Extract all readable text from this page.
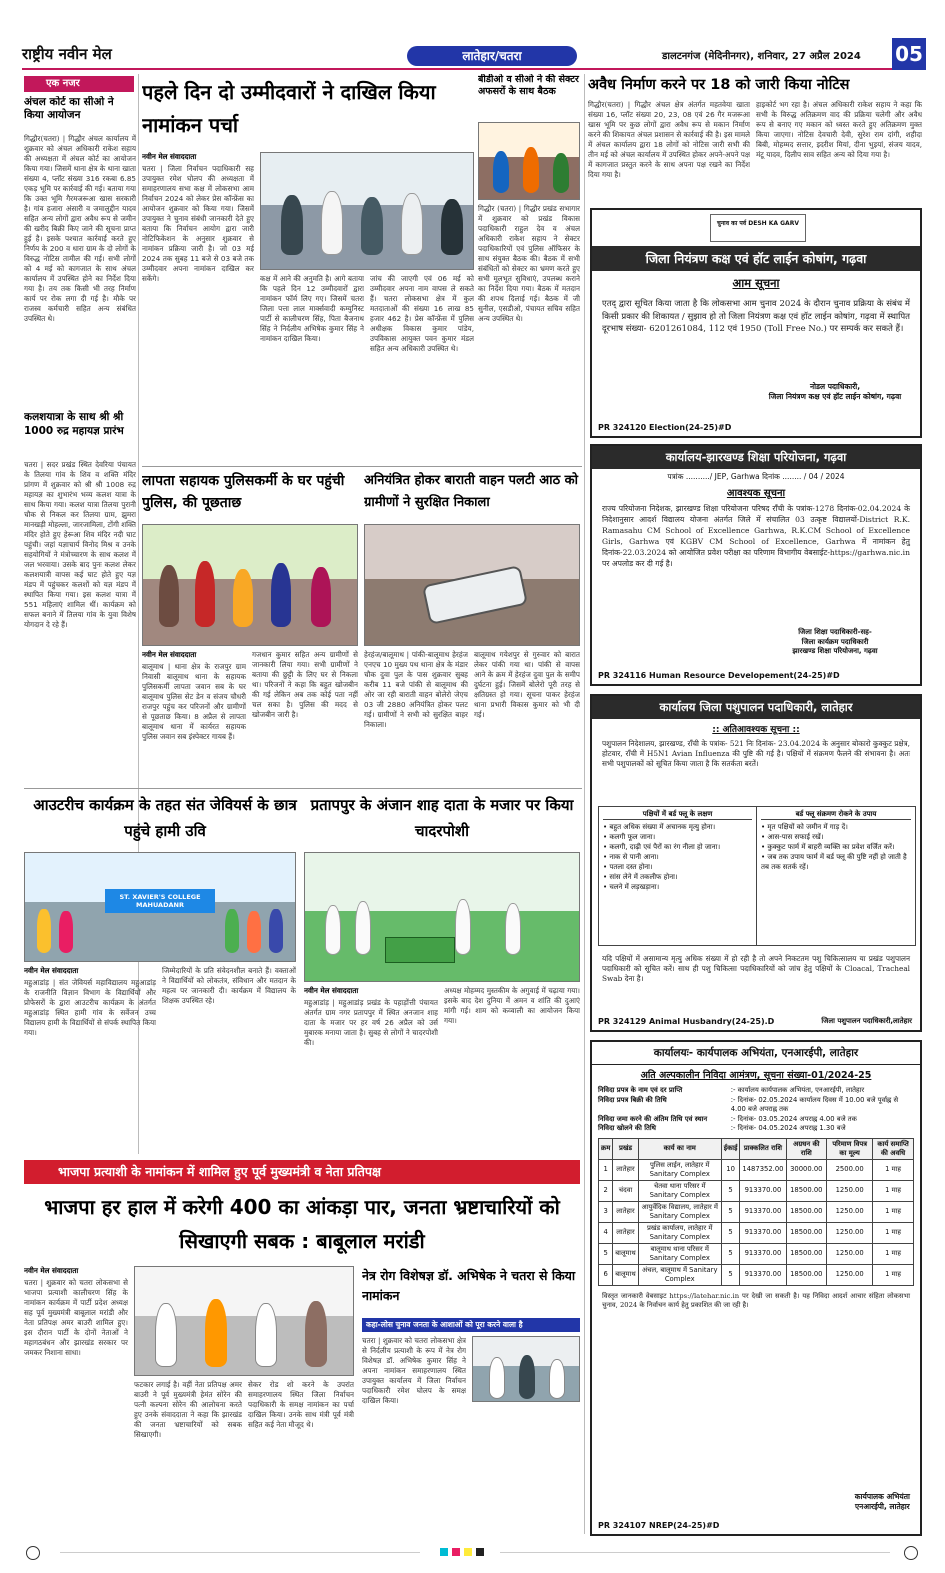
राष्ट्रीय नवीन मेल	लातेहार/चतरा	डालटनगंज (मेदिनीनगर), शनिवार, 27 अप्रैल 2024 05
एक नजर
अंचल कोर्ट का सीओ ने किया आयोजन
गिद्धौर(चतरा) | गिद्धौर अंचल कार्यालय में शुक्रवार को अंचल अधिकारी राकेश सहाय की अध्यक्षता में अंचल कोर्ट का आयोजन किया गया। जिसमें थाना क्षेत्र के थाना खाता संख्या 4, प्लॉट संख्या 316 रकबा 6.85 एकड़ भूमि पर कार्रवाई की गई। बताया गया कि उक्त भूमि गैरमजरूआ खास सरकारी है। गांव हजारा अंसारी व जमालुद्दीन यादव सहित अन्य लोगों द्वारा अवैध रूप से जमीन की खरीद बिक्री किए जाने की सूचना प्राप्त हुई है। इसके पश्चात कार्रवाई करते हुए निर्णय के 200 व धारा ग्राम के दो लोगों के विरुद्ध नोटिस तामील की गई। सभी लोगों को 4 मई को कागजात के साथ अंचल कार्यालय में उपस्थित होने का निर्देश दिया गया है। तय तक किसी भी तरह निर्माण कार्य पर रोक लगा दी गई है। मौके पर राजस्व कर्मचारी सहित अन्य संबंधित उपस्थित थे।
कलशयात्रा के साथ श्री श्री 1000 रुद्र महायज्ञ प्रारंभ
चतरा | सदर प्रखंड स्थित देवरिया पंचायत के तिलया गांव के शिव व शक्ति मंदिर प्रांगण में शुक्रवार को श्री श्री 1008 रुद्र महायज्ञ का शुभारंभ भव्य कलश यात्रा के साथ किया गया। कलश यात्रा तिलया पुरानी चौक से निकल कर तिलया ग्राम, झुमरा मानखड़ी मोहल्ला, जारजामिला, टोंगी शक्ति मंदिर होते हुए हेरूआ शिव मंदिर नदी घाट पहुंची। जहां यज्ञाचार्य विनोद मिश्र व उनके सहयोगियों ने मंत्रोच्चारण के साथ कलश में जल भरवाया। उसके बाद पुनः कलश लेकर कलशयात्री वापस कई घाट होते हुए यज्ञ मंडप में पहुंचकर कलशों को यज्ञ मंडप में स्थापित किया गया। इस कलश यात्रा में 551 महिलाएं शामिल थीं। कार्यक्रम को सफल बनाने में तिलया गांव के युवा विशेष योगदान दे रहे हैं।
पहले दिन दो उम्मीदवारों ने दाखिल किया नामांकन पर्चा

नवीन मेल संवाददाता

चतरा | जिला निर्वाचन पदाधिकारी सह उपायुक्त रमेश घोलप की अध्यक्षता में समाहरणालय सभा कक्ष में लोकसभा आम निर्वाचन 2024 को लेकर प्रेस कॉन्फ्रेंस का आयोजन शुक्रवार को किया गया। जिसमें उपायुक्त ने चुनाव संबंधी जानकारी देते हुए बताया कि निर्वाचन आयोग द्वारा जारी नोटिफिकेशन के अनुसार शुक्रवार से नामांकन प्रक्रिया जारी है। जो 03 मई 2024 तक सुबह 11 बजे से 03 बजे तक उम्मीदवार अपना नामांकन दाखिल कर सकेंगे।	कक्ष में आने की अनुमति है। आगे बताया कि पहले दिन 12 उम्मीदवारों द्वारा नामांकन फॉर्म लिए गए। जिसमें चतरा जिला पत्ता लाल मार्क्सवादी कम्युनिस्ट पार्टी से कालीचरण सिंह, पिता बैजनाथ सिंह ने निर्दलीय अभिषेक कुमार सिंह ने नामांकन दाखिल किया।
जांच की जाएगी एवं 06 मई को उम्मीदवार अपना नाम वापस ले सकते हैं। चतरा लोकसभा क्षेत्र में कुल मतदाताओं की संख्या 16 लाख 85 हजार 462 है। प्रेस कॉन्फ्रेंस में पुलिस अधीक्षक विकास कुमार पांडेय, उपविकास आयुक्त पवन कुमार मंडल सहित अन्य अधिकारी उपस्थित थे।
बीडीओ व सीओ ने की सेक्टर अफसरों के साथ बैठक
गिद्धौर (चतरा) | गिद्धौर प्रखंड सभागार में शुक्रवार को प्रखंड विकास पदाधिकारी राहुल देव व अंचल अधिकारी राकेश सहाय ने सेक्टर पदाधिकारियों एवं पुलिस ऑफिसर के साथ संयुक्त बैठक की। बैठक में सभी संबंधितों को सेक्टर का भ्रमण करते हुए सभी मूलभूत सुविधाएं, उपलब्ध कराने का निर्देश दिया गया। बैठक में मतदान की शपथ दिलाई गई। बैठक में जी सुनील, एसडीओ, पंचायत सचिव सहित अन्य उपस्थित थे।
लापता सहायक पुलिसकर्मी के घर पहुंची पुलिस, की पूछताछ

नवीन मेल संवाददाता

बालूमाथ | थाना क्षेत्र के राजपुर ग्राम निवासी बालूमाथ थाना के सहायक पुलिसकर्मी लापता जवान सब के घर बालूमाथ पुलिस सेट डेन व संजय चौधरी राजपुर पहुंच कर परिजनों और ग्रामीणों से पूछताछ किया। 8 अप्रैल से लापता बालूमाथ थाना में कार्यरत सहायक पुलिस जवान सब इंस्पेक्टर गायब हैं।

गजधान कुमार सहित अन्य ग्रामीणों से जानकारी लिया गया। सभी ग्रामीणों ने बताया की छुट्टी के लिए घर से निकला था। परिजनों ने कहा कि बहुत खोजबीन की गई लेकिन अब तक कोई पता नहीं चल सका है। पुलिस की मदद से खोजबीन जारी है।
अनियंत्रित होकर बाराती वाहन पलटी आठ को ग्रामीणों ने सुरक्षित निकाला
हेरहंज/बालूमाथ | पांकी-बालूमाथ हेरहंज एनएच 10 मुख्य पथ थाना क्षेत्र के मंडार चौक दुवा पुल के पास शुक्रवार सुबह करीब 11 बजे पांकी से बालूमाथ की ओर जा रही बाराती वाहन बोलेरो जेएच 03 जी 2880 अनियंत्रित होकर पलट गई। ग्रामीणों ने सभी को सुरक्षित बाहर निकाला।
बालूमाथ गयेशपुर से गुरुवार को बारात लेकर पांकी गया था। पांकी से वापस आने के क्रम में हेरहंज दुवा पुल के समीप दुर्घटना हुई। जिसमें बोलेरो पूरी तरह से क्षतिग्रस्त हो गया। सूचना पाकर हेरहंज थाना प्रभारी विकास कुमार को भी दी गई।
आउटरीच कार्यक्रम के तहत संत जेवियर्स के छात्र पहुंचे हामी उवि
ST. XAVIER'S COLLEGE MAHUADANR

नवीन मेल संवाददाता

महुआडांड़ | संत जेवियर्स महाविद्यालय महुआडांड़ के राजनीति विज्ञान विभाग के विद्यार्थियों और प्रोफेसरों के द्वारा आउटरीच कार्यक्रम के अंतर्गत महुआडांड़ स्थित हामी गांव के सर्वेजन उच्च विद्यालय हामी के विद्यार्थियों से संपर्क स्थापित किया गया।

जिम्मेदारियों के प्रति संवेदनशील बनाते हैं। वक्ताओं ने विद्यार्थियों को लोकतंत्र, संविधान और मतदान के महत्व पर जानकारी दी। कार्यक्रम में विद्यालय के शिक्षक उपस्थित रहे।
प्रतापपुर के अंजान शाह दाता के मजार पर किया चादरपोशी

नवीन मेल संवाददाता

महुआडांड़ | महुआडांड़ प्रखंड के पहाड़ोंत्ती पंचायत अंतर्गत ग्राम नगर प्रतापपुर में स्थित अनजान शाह दाता के मजार पर हर वर्ष 26 अप्रैल को उर्स मुबारक मनाया जाता है। सुबह से लोगों ने चादरपोशी की।

अध्यक्ष मोहम्मद मुस्तकीम के अगुवाई में चढ़ाया गया। इसके बाद देश दुनिया में अमन व शांति की दुआएं मांगी गई। शाम को कव्वाली का आयोजन किया गया।
भाजपा प्रत्याशी के नामांकन में शामिल हुए पूर्व मुख्यमंत्री व नेता प्रतिपक्ष
भाजपा हर हाल में करेगी 400 का आंकड़ा पार, जनता भ्रष्टाचारियों को सिखाएगी सबक : बाबूलाल मरांडी

नवीन मेल संवाददाता

चतरा | शुक्रवार को चतरा लोकसभा से भाजपा प्रत्याशी कालीचरण सिंह के नामांकन कार्यक्रम में पार्टी प्रदेश अध्यक्ष सह पूर्व मुख्यमंत्री बाबूलाल मरांडी और नेता प्रतिपक्ष अमर बाउरी शामिल हुए। इस दौरान पार्टी के दोनों नेताओं ने महागठबंधन और झारखंड सरकार पर जमकर निशाना साधा।

फटकार लगाई है। वहीं नेता प्रतिपक्ष अमर बाउरी ने पूर्व मुख्यमंत्री हेमंत सोरेन की पत्नी कल्पना सोरेन की आलोचना करते हुए उनके संवाददाता ने कहा कि झारखंड की जनता भ्रष्टाचारियों को सबक सिखाएगी।
सेकर रोड शो करने के उपरांत समाहरणालय स्थित जिला निर्वाचन पदाधिकारी के समक्ष नामांकन का पर्चा दाखिल किया। उनके साथ मंत्री पूर्व मंत्री सहित कई नेता मौजूद थे।
नेत्र रोग विशेषज्ञ डॉ. अभिषेक ने चतरा से किया नामांकन
कहा-लोस चुनाव जनता के आशाओं को पूरा करने वाला है
चतरा | शुक्रवार को चतरा लोकसभा क्षेत्र से निर्दलीय प्रत्याशी के रूप में नेत्र रोग विशेषज्ञ डॉ. अभिषेक कुमार सिंह ने अपना नामांकन समाहरणालय स्थित उपायुक्त कार्यालय में जिला निर्वाचन पदाधिकारी रमेश घोलप के समक्ष दाखिल किया।
अवैध निर्माण करने पर 18 को जारी किया नोटिस
गिद्धौर(चतरा) | गिद्धौर अंचल क्षेत्र अंतर्गत महतवेया खाता संख्या 16, प्लॉट संख्या 20, 23, 08 एवं 26 गैर मजरूआ खास भूमि पर कुछ लोगों द्वारा अवैध रूप से मकान निर्माण करने की शिकायत अंचल प्रशासन से कार्रवाई की है। इस मामले में अंचल कार्यालय द्वारा 18 लोगों को नोटिस जारी सभी की तीन मई को अंचल कार्यालय में उपस्थित होकर अपने-अपने पक्ष में कागजात प्रस्तुत करने के साथ अपना पक्ष रखने का निर्देश दिया गया है।
हाइकोर्ट भग रहा है। अंचल अधिकारी राकेश सहाय ने कहा कि सभी के विरुद्ध अतिक्रमण वाद की प्रक्रिया चलेगी और अवैध रूप से बनाए गए मकान को ध्वस्त करते हुए अतिक्रमण मुक्त किया जाएगा। नोटिस देवचारी देवी, सुरेश राम दांगी, शहीदा बिबी, मोहम्मद सत्तार, इदरीश मियां, दीना भुइयां, संजय यादव, मंटू यादव, दिलीप साव सहित अन्य को दिया गया है।
चुनाव का पर्व DESH KA GARV
जिला नियंत्रण कक्ष एवं हॉट लाईन कोषांग, गढ़वा
आम सूचना
एतद् द्वारा सूचित किया जाता है कि लोकसभा आम चुनाव 2024 के दौरान चुनाव प्रक्रिया के संबंध में किसी प्रकार की शिकायत / सुझाव हो तो जिला नियंत्रण कक्ष एवं हॉट लाईन कोषांग, गढ़वा में स्थापित दूरभाष संख्या- 6201261084, 112 एवं 1950 (Toll Free No.) पर सम्पर्क कर सकते हैं।
नोडल पदाधिकारी,
जिला नियंत्रण कक्ष एवं हॉट लाईन कोषांग, गढ़वा
PR 324120 Election(24-25)#D
कार्यालय-झारखण्ड शिक्षा परियोजना, गढ़वा
पत्रांक ........../ JEP, Garhwa दिनांक ........ / 04 / 2024
आवश्यक सूचना
राज्य परियोजना निदेशक, झारखण्ड शिक्षा परियोजना परिषद राँची के पत्रांक-1278 दिनांक-02.04.2024 के निदेशानुसार आदर्श विद्यालय योजना अंतर्गत जिले में संचालित 03 उत्कृष्ट विद्यालयों-District R.K. Ramasahu CM School of Excellence Garhwa, R.K.CM School of Excellence Girls, Garhwa एवं KGBV CM School of Excellence, Garhwa में नामांकन हेतु दिनांक-22.03.2024 को आयोजित प्रवेश परीक्षा का परिणाम विभागीय वेबसाईट-https://garhwa.nic.in पर अपलोड कर दी गई है।
जिला शिक्षा पदाधिकारी-सह-
जिला कार्यक्रम पदाधिकारी
झारखण्ड शिक्षा परियोजना, गढ़वा
PR 324116 Human Resource Developement(24-25)#D
कार्यालय जिला पशुपालन पदाधिकारी, लातेहार
:: अतिआवश्यक सूचना ::
पशुपालन निदेशालय, झारखण्ड, राँची के पत्रांक- 521 निः दिनांक- 23.04.2024 के अनुसार बोकारो कुक्कुट प्रक्षेत्र, होटवार, राँची में H5N1 Avian Influenza की पुष्टि की गई है। पक्षियों में संक्रमण फैलने की संभावना है। अतः सभी पशुपालकों को सूचित किया जाता है कि सतर्कता बरतें।
पक्षियों में बर्ड फ्लू के लक्षण
• बहुत अधिक संख्या में अचानक मृत्यु होना।
• कलगी फूल जाना।
• कलगी, दाढ़ी एवं पैरों का रंग नीला हो जाना।
• नाक से पानी आना।
• पतला दस्त होना।
• सांस लेने में तकलीफ होना।
• चलने में लड़खड़ाना।
बर्ड फ्लू संक्रमण रोकने के उपाय
• मृत पक्षियों को जमीन में गाड़ दें।
• आस-पास सफाई रखें।
• कुक्कुट फार्म में बाहरी व्यक्ति का प्रवेश वर्जित करें।
• जब तक उपाय फार्म में बर्ड फ्लू की पुष्टि नहीं हो जाती है तब तक सतर्क रहें।
यदि पक्षियों में असामान्य मृत्यु अधिक संख्या में हो रही है तो अपने निकटतम पशु चिकित्सालय या प्रखंड पशुपालन पदाधिकारी को सूचित करें। साथ ही पशु चिकित्सा पदाधिकारियों को जांच हेतु पक्षियों के Cloacal, Tracheal Swab देना है।
जिला पशुपालन पदाधिकारी,लातेहार
PR 324129 Animal Husbandry(24-25).D
कार्यालयः- कार्यपालक अभियंता, एनआरईपी, लातेहार
अति अल्पकालीन निविदा आमंत्रण, सूचना संख्या-01/2024-25
निविदा प्रपत्र के नाम एवं दर प्राप्ति	:- कार्यालय कार्यपालक अभियंता, एनआरईपी, लातेहार
निविदा प्रपत्र बिक्री की तिथि	:- दिनांक- 02.05.2024 कार्यालय दिवस में 10.00 बजे पूर्वाह्न से 4.00 बजे अपराह्न तक
निविदा जमा करने की अंतिम तिथि एवं स्थान	:- दिनांक- 03.05.2024 अपराह्न 4.00 बजे तक
निविदा खोलने की तिथि	:- दिनांक- 04.05.2024 अपराह्न 1.30 बजे
क्रम	प्रखंड	कार्य का नाम	ईकाई	प्राक्कलित राशि	अग्रधन की राशि	परिमाण विपत्र का मूल्य	कार्य समाप्ति की अवधि
1	लातेहार	पुलिस लाईन, लातेहार में Sanitary Complex	10	1487352.00	30000.00	2500.00	1 माह
2	चंदवा	चेतवा थाना परिसर में Sanitary Complex	5	913370.00	18500.00	1250.00	1 माह
3	लातेहार	आयुर्वेदिक विद्यालय, लातेहार में Sanitary Complex	5	913370.00	18500.00	1250.00	1 माह
4	लातेहार	प्रखंड कार्यालय, लातेहार में Sanitary Complex	5	913370.00	18500.00	1250.00	1 माह
5	बालूमाथ	बालूमाथ थाना परिसर में Sanitary Complex	5	913370.00	18500.00	1250.00	1 माह
6	बालूमाथ	अंचल, बालूमाथ में Sanitary Complex	5	913370.00	18500.00	1250.00	1 माह
विस्तृत जानकारी वेबसाइट https://latehar.nic.in पर देखी जा सकती है। यह निविदा आदर्श आचार संहिता लोकसभा चुनाव, 2024 के निर्वाचन कार्य हेतु प्रकाशित की जा रही है।
कार्यपालक अभियंता
एनआरईपी, लातेहार
PR 324107 NREP(24-25)#D
